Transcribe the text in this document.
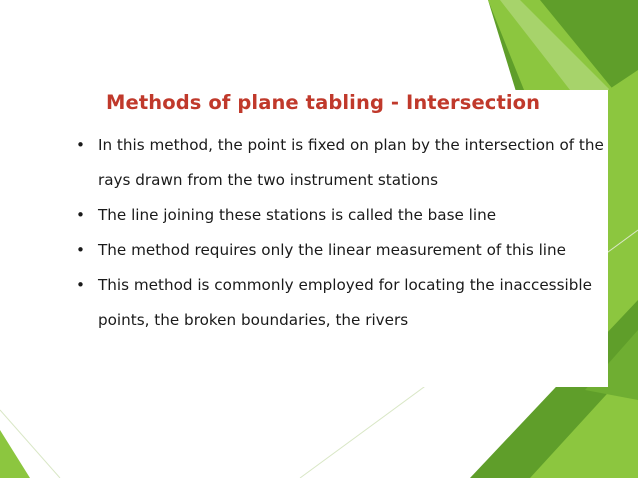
Methods of plane tabling - Intersection
• In this method, the point is fixed on plan by the intersection of the rays drawn from the two instrument stations
• The line joining these stations is called the base line
• The method requires only the linear measurement of this line
• This method is commonly employed for locating the inaccessible points, the broken boundaries, the rivers
